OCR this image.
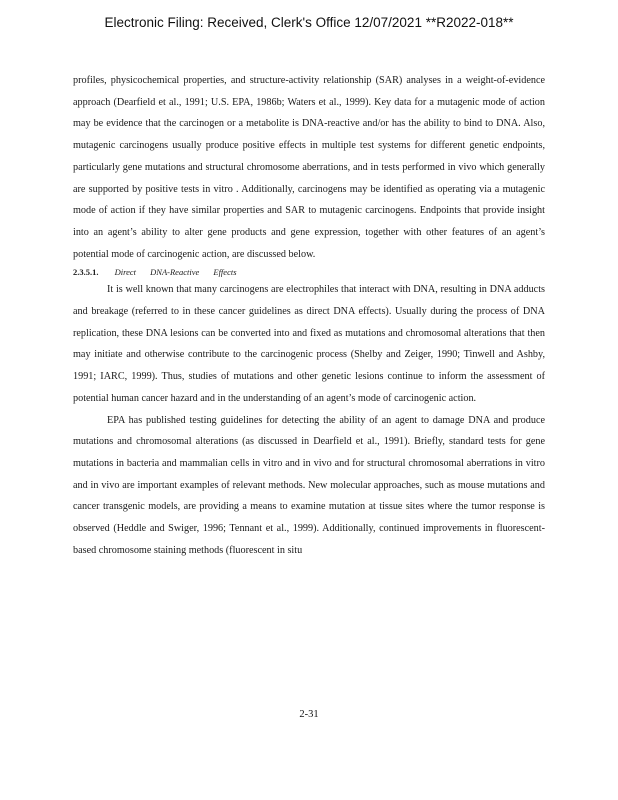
Electronic Filing: Received, Clerk's Office 12/07/2021 **R2022-018**

profiles, physicochemical properties, and structure-activity relationship (SAR) analyses in a weight-of-evidence approach (Dearfield et al., 1991; U.S. EPA, 1986b; Waters et al., 1999). Key data for a mutagenic mode of action may be evidence that the carcinogen or a metabolite is DNA-reactive and/or has the ability to bind to DNA. Also, mutagenic carcinogens usually produce positive effects in multiple test systems for different genetic endpoints, particularly gene mutations and structural chromosome aberrations, and in tests performed in vivo which generally are supported by positive tests in vitro . Additionally, carcinogens may be identified as operating via a mutagenic mode of action if they have similar properties and SAR to mutagenic carcinogens. Endpoints that provide insight into an agent’s ability to alter gene products and gene expression, together with other features of an agent’s potential mode of carcinogenic action, are discussed below.

2.3.5.1. Direct DNA-Reactive Effects

It is well known that many carcinogens are electrophiles that interact with DNA, resulting in DNA adducts and breakage (referred to in these cancer guidelines as direct DNA effects). Usually during the process of DNA replication, these DNA lesions can be converted into and fixed as mutations and chromosomal alterations that then may initiate and otherwise contribute to the carcinogenic process (Shelby and Zeiger, 1990; Tinwell and Ashby, 1991; IARC, 1999). Thus, studies of mutations and other genetic lesions continue to inform the assessment of potential human cancer hazard and in the understanding of an agent’s mode of carcinogenic action.

EPA has published testing guidelines for detecting the ability of an agent to damage DNA and produce mutations and chromosomal alterations (as discussed in Dearfield et al., 1991). Briefly, standard tests for gene mutations in bacteria and mammalian cells in vitro and in vivo and for structural chromosomal aberrations in vitro and in vivo are important examples of relevant methods. New molecular approaches, such as mouse mutations and cancer transgenic models, are providing a means to examine mutation at tissue sites where the tumor response is observed (Heddle and Swiger, 1996; Tennant et al., 1999). Additionally, continued improvements in fluorescent-based chromosome staining methods (fluorescent in situ

2-31
